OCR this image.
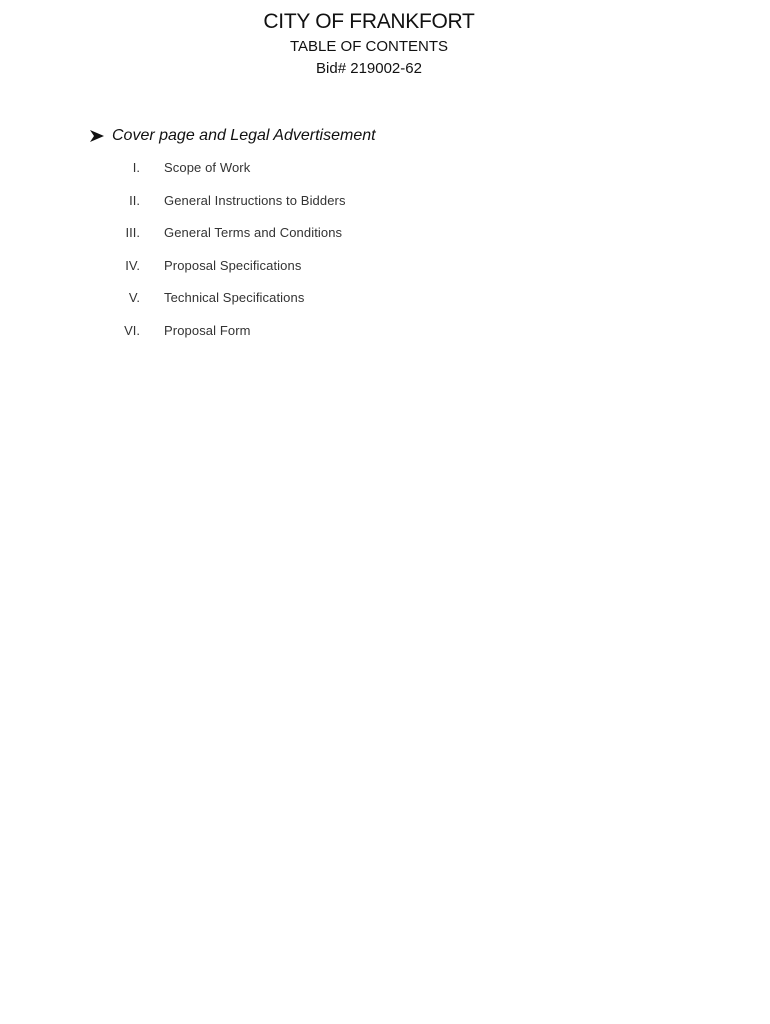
CITY OF FRANKFORT
TABLE OF CONTENTS
Bid# 219002-62
Cover page and Legal Advertisement
I.	Scope of Work
II.	General Instructions to Bidders
III.	General Terms and Conditions
IV.	Proposal Specifications
V.	Technical Specifications
VI.	Proposal Form
